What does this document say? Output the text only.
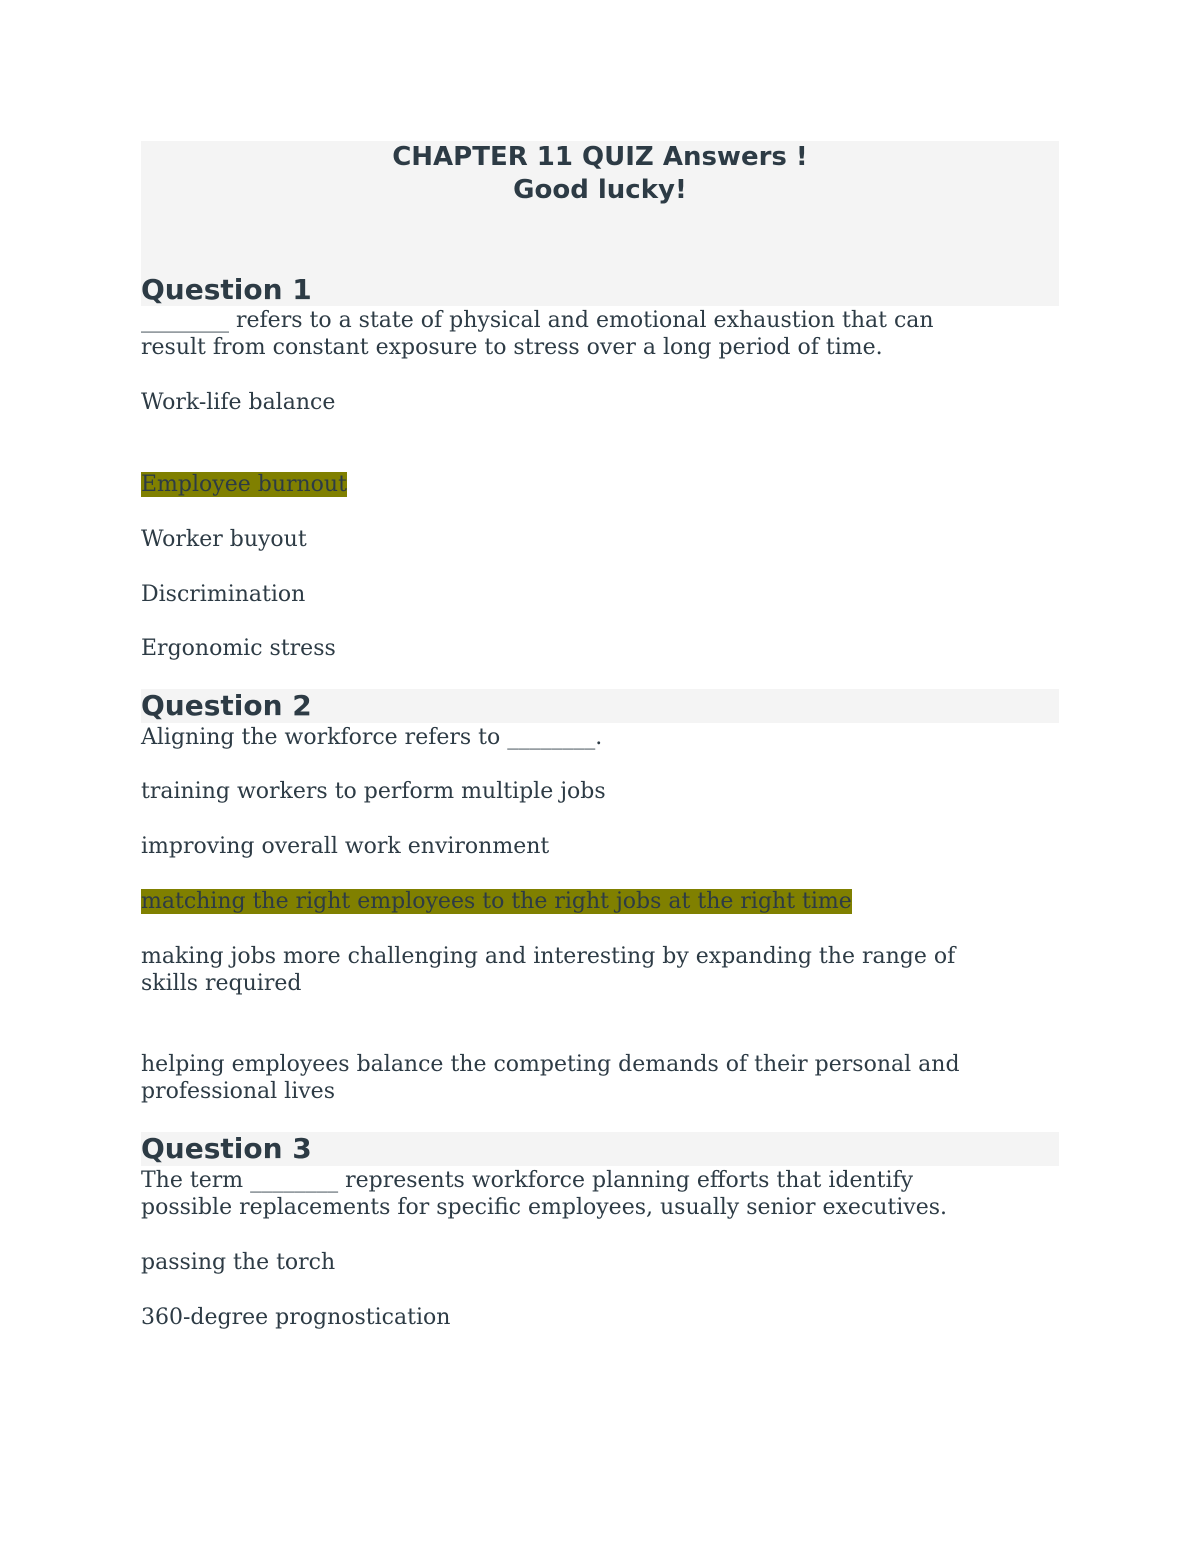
CHAPTER 11 QUIZ Answers !
Good lucky!
Question 1
________ refers to a state of physical and emotional exhaustion that can
result from constant exposure to stress over a long period of time.
Work-life balance
Employee burnout
Worker buyout
Discrimination
Ergonomic stress
Question 2
Aligning the workforce refers to ________.
training workers to perform multiple jobs
improving overall work environment
matching the right employees to the right jobs at the right time
making jobs more challenging and interesting by expanding the range of
skills required
helping employees balance the competing demands of their personal and
professional lives
Question 3
The term ________ represents workforce planning efforts that identify
possible replacements for specific employees, usually senior executives.
passing the torch
360-degree prognostication
